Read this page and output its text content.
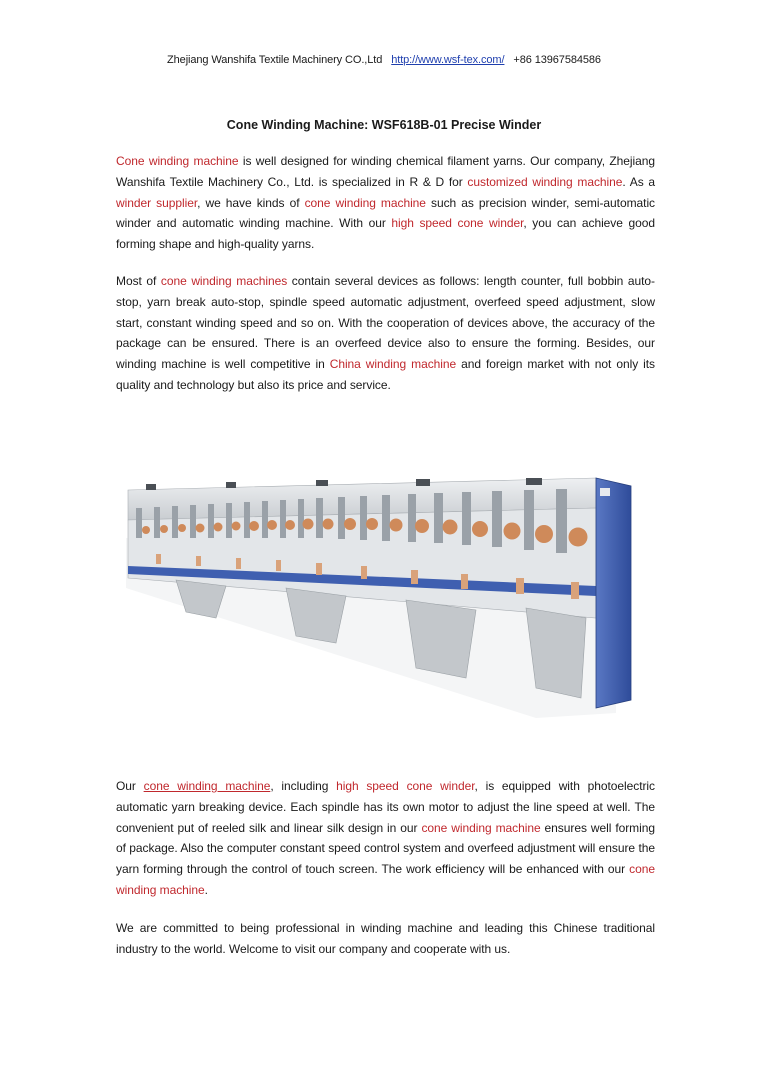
Zhejiang Wanshifa Textile Machinery CO.,Ltd http://www.wsf-tex.com/ +86 13967584586
Cone Winding Machine: WSF618B-01 Precise Winder
Cone winding machine is well designed for winding chemical filament yarns. Our company, Zhejiang Wanshifa Textile Machinery Co., Ltd. is specialized in R & D for customized winding machine. As a winder supplier, we have kinds of cone winding machine such as precision winder, semi-automatic winder and automatic winding machine. With our high speed cone winder, you can achieve good forming shape and high-quality yarns.
Most of cone winding machines contain several devices as follows: length counter, full bobbin auto-stop, yarn break auto-stop, spindle speed automatic adjustment, overfeed speed adjustment, slow start, constant winding speed and so on. With the cooperation of devices above, the accuracy of the package can be ensured. There is an overfeed device also to ensure the forming. Besides, our winding machine is well competitive in China winding machine and foreign market with not only its quality and technology but also its price and service.
Our cone winding machine, including high speed cone winder, is equipped with photoelectric automatic yarn breaking device. Each spindle has its own motor to adjust the line speed at well. The convenient put of reeled silk and linear silk design in our cone winding machine ensures well forming of package. Also the computer constant speed control system and overfeed adjustment will ensure the yarn forming through the control of touch screen. The work efficiency will be enhanced with our cone winding machine.
We are committed to being professional in winding machine and leading this Chinese traditional industry to the world. Welcome to visit our company and cooperate with us.
